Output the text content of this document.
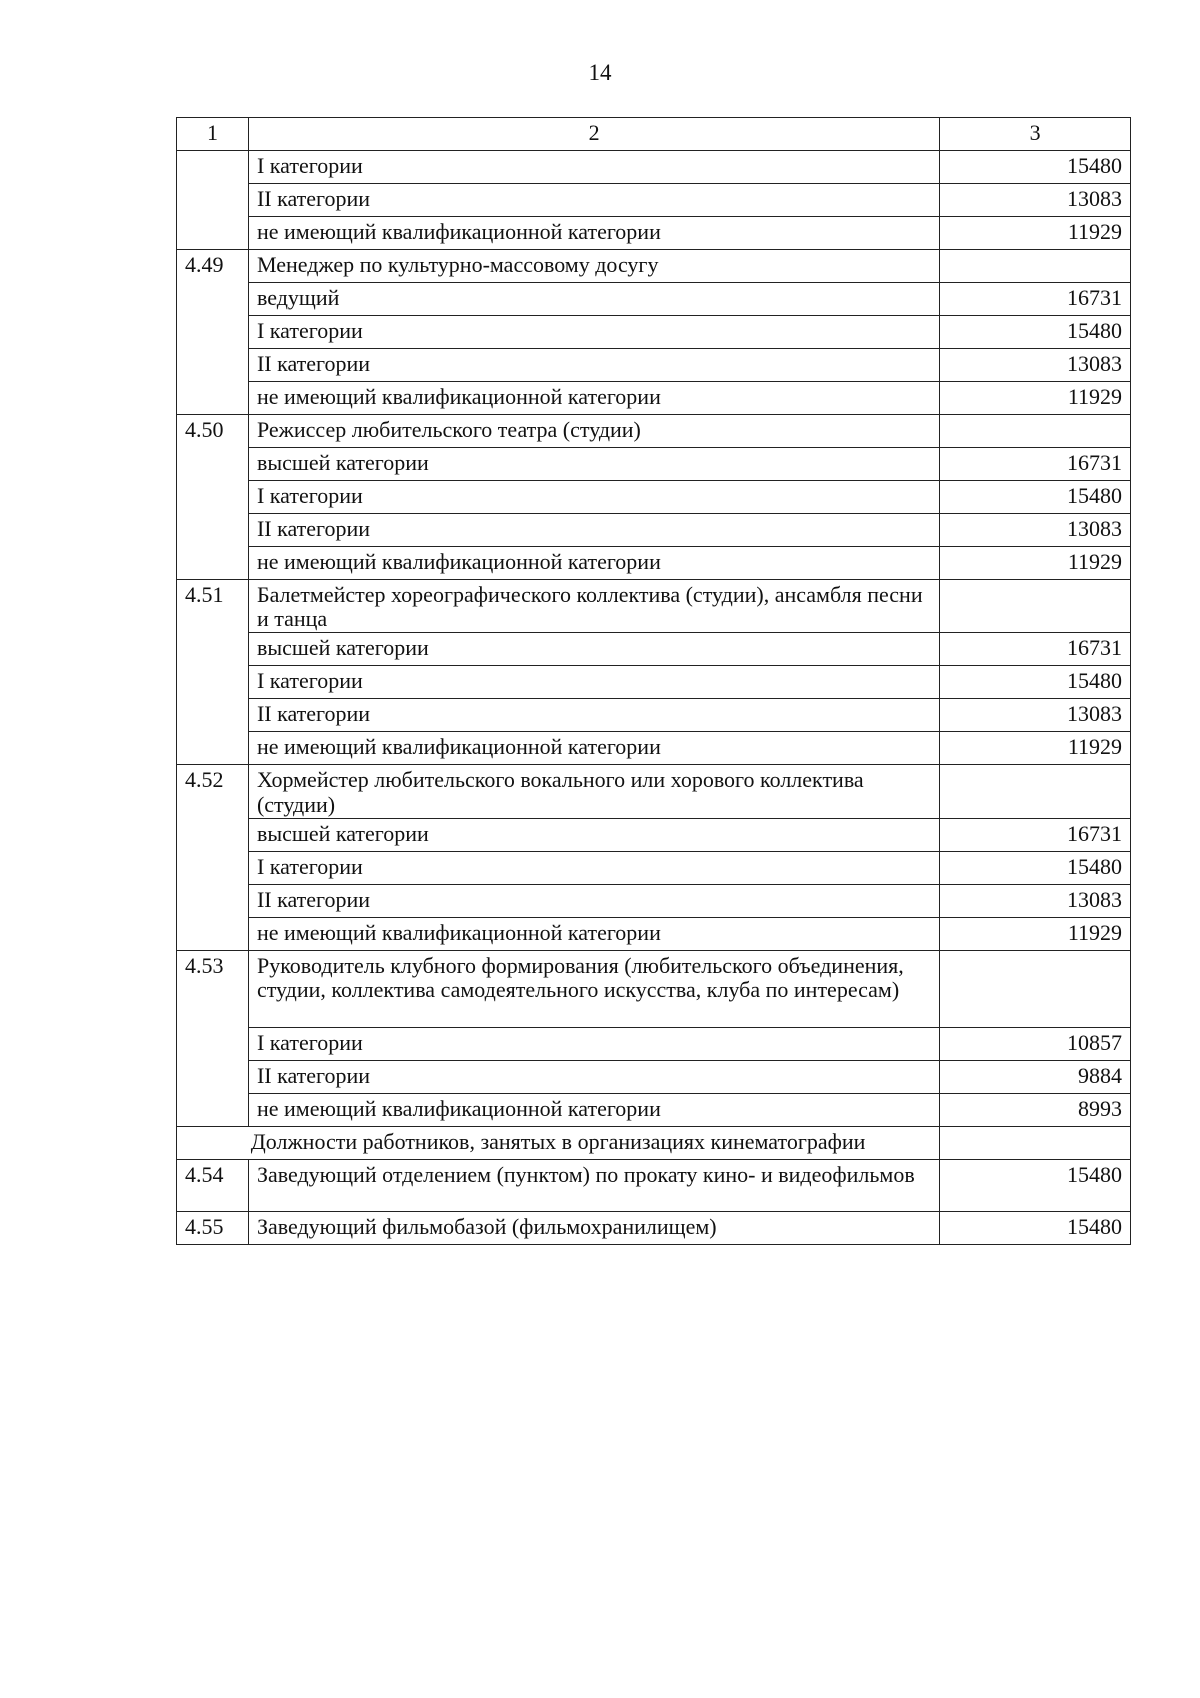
14
1	2	3
	I категории	15480
	II категории	13083
	не имеющий квалификационной категории	11929
4.49	Менеджер по культурно-массовому досугу	
	ведущий	16731
	I категории	15480
	II категории	13083
	не имеющий квалификационной категории	11929
4.50	Режиссер любительского театра (студии)	
	высшей категории	16731
	I категории	15480
	II категории	13083
	не имеющий квалификационной категории	11929
4.51	Балетмейстер хореографического коллектива (студии), ансамбля песни и танца	
	высшей категории	16731
	I категории	15480
	II категории	13083
	не имеющий квалификационной категории	11929
4.52	Хормейстер любительского вокального или хорового коллектива (студии)	
	высшей категории	16731
	I категории	15480
	II категории	13083
	не имеющий квалификационной категории	11929
4.53	Руководитель клубного формирования (любительского объединения, студии, коллектива самодеятельного искусства, клуба по интересам)	
	I категории	10857
	II категории	9884
	не имеющий квалификационной категории	8993
Должности работников, занятых в организациях кинематографии		
4.54	Заведующий отделением (пунктом) по прокату кино- и видеофильмов	15480
4.55	Заведующий фильмобазой (фильмохранилищем)	15480
